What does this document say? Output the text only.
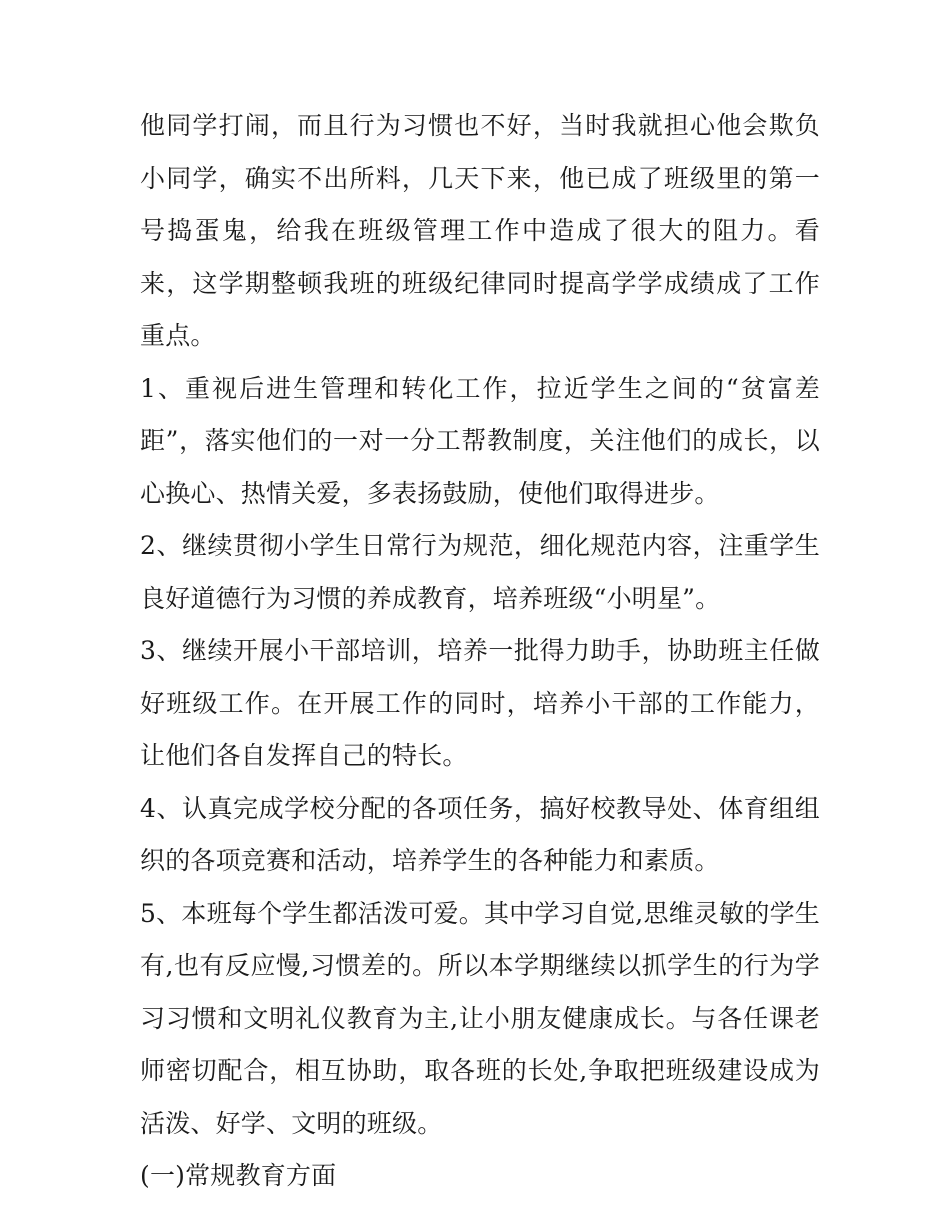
他同学打闹，而且行为习惯也不好，当时我就担心他会欺负小同学，确实不出所料，几天下来，他已成了班级里的第一号捣蛋鬼，给我在班级管理工作中造成了很大的阻力。看来，这学期整顿我班的班级纪律同时提高学学成绩成了工作重点。

1、重视后进生管理和转化工作，拉近学生之间的“贫富差距”，落实他们的一对一分工帮教制度，关注他们的成长，以心换心、热情关爱，多表扬鼓励，使他们取得进步。

2、继续贯彻小学生日常行为规范，细化规范内容，注重学生良好道德行为习惯的养成教育，培养班级“小明星”。

3、继续开展小干部培训，培养一批得力助手，协助班主任做好班级工作。在开展工作的同时，培养小干部的工作能力，让他们各自发挥自己的特长。

4、认真完成学校分配的各项任务，搞好校教导处、体育组组织的各项竞赛和活动，培养学生的各种能力和素质。

5、本班每个学生都活泼可爱。其中学习自觉,思维灵敏的学生有,也有反应慢,习惯差的。所以本学期继续以抓学生的行为学习习惯和文明礼仪教育为主,让小朋友健康成长。与各任课老师密切配合，相互协助，取各班的长处,争取把班级建设成为活泼、好学、文明的班级。

(一)常规教育方面
